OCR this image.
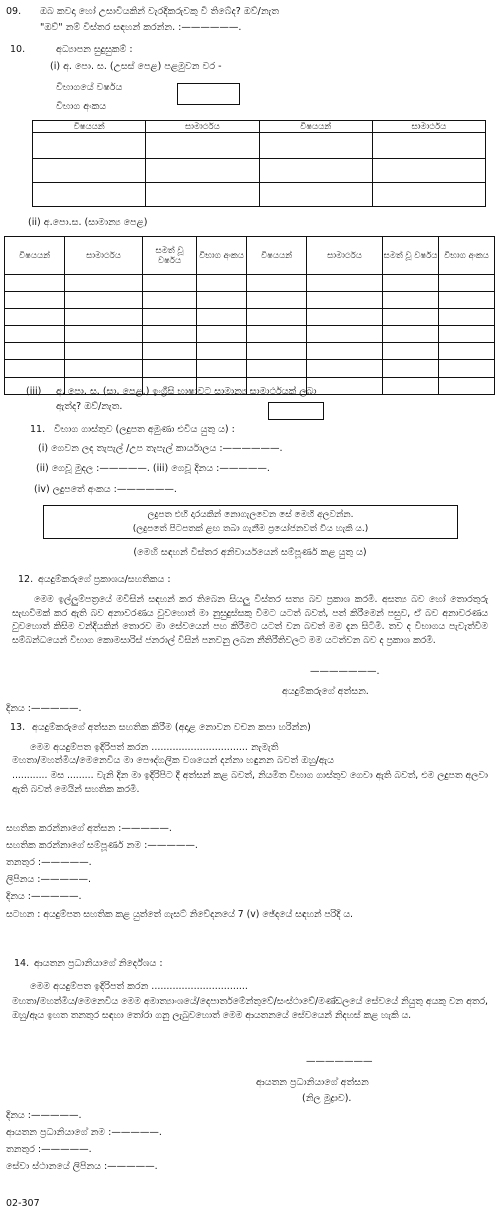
09. ඔබ කවදා හෝ උසාවියකින් වැරදිකරුවකු වී තිබේද? ඔව්/නැත
"ඔව්" නම් විස්තර සඳහන් කරන්න. :——————.
10.	අධ්‍යාපන සුදුසුකම් :
(i) අ. පො. ස. (උසස් පෙළ) පළමුවන වර -
විභාගයේ වර්ෂය
විභාග අංකය
විෂයයන්	සාමාර්ථය	විෂයයන්	සාමාර්ථය

(ii) අ.පො.ස. (සාමාන්‍ය පෙළ)
විෂයයන්	සාමාර්ථය	සමත් වූ වර්ෂය	විභාග අංකය	විෂයයන්	සාමාර්ථය	සමත් වූ වර්ෂය	විභාග අංකය

(iii) අ. පො. ස. (සා. පෙළ.) ඉංග්‍රීසි භාෂාවට සාමාන්‍ය සාමාර්ථයක් ලබා
ඇත්ද? ඔව්/නැත.
11. විභාග ගාස්තුව (ලදුපත අමුණා එවිය යුතු ය) :
(i) ගෙවන ලද තැපැල් /උප තැපැල් කාර්යාලය :——————.
(ii) ගෙවූ මුදල :—————. (iii) ගෙවූ දිනය :—————.
(iv) ලදුපතේ අංකය :——————.
ලදුපත එහි දාරයකින් නොගැලවෙන සේ මෙහි අලවන්න.
(ලදුපතේ පිටපතක් ළඟ තබා ගැනීම ප්‍රයෝජනවත් විය හැකි ය.)
(මෙහි සඳහන් විස්තර අනිවාර්යයෙන් සම්පූර්ණ කළ යුතු ය)
12. අයදුම්කරුගේ ප්‍රකාශය/සහතිකය :
මෙම ඉල්ලුම්පත්‍රයේ මවිසින් සඳහන් කර තිබෙන සියලු විස්තර සත්‍ය බව ප්‍රකාශ කරමි. අසත්‍ය බව හෝ තොරතුරු සැඟවීමක් කර ඇති බව අනාවරණය වුවහොත් මා නුසුදුස්සකු වීමට යටත් බවත්, පත් කිරීමෙන් පසුව, ඒ බව අනාවරණය වුවහොත් කිසිම වන්දියකින් තොරව මා සේවයෙන් පහ කිරීමට යටත් වන බවත් මම දැන සිටිමි. තව ද විභාගය පැවැත්වීම සම්බන්ධයෙන් විභාග කොමසාරිස් ජනරාල් විසින් පනවනු ලබන නීතිරීතිවලට මම යටත්වන බව ද ප්‍රකාශ කරමි.
———————.
අයදුම්කරුගේ අත්සන.
දිනය :—————.
13. අයදුම්කරුගේ අත්සන සහතික කිරීම (අදාළ නොවන වචන කපා හරින්න)
මෙම අයදුම්පත ඉදිරිපත් කරන ................................ නැමැති
මහතා/මහත්මිය/මෙනෙවිය මා පෞද්ගලික වශයෙන් දන්නා හඳුනන බවත් ඔහු/ඇය
............ මස ......... වැනි දින මා ඉදිරිපිට දී අත්සන් කළ බවත්, නියමිත විභාග ගාස්තුව ගෙවා ඇති බවත්, එම ලදුපත අලවා ඇති බවත් මෙයින් සහතික කරමි.
සහතික කරන්නාගේ අත්සන :—————.
සහතික කරන්නාගේ සම්පූර්ණ නම :—————.
තනතුර :—————.
ලිපිනය :—————.
දිනය :—————.
සටහන : අයදුම්පත සහතික කළ යුත්තේ ගැසට් නිවේදනයේ 7 (v) ඡේදයේ සඳහන් පරිදි ය.
14. ආයතන ප්‍රධානියාගේ නිර්දේශය :
මෙම අයදුම්පත ඉදිරිපත් කරන ................................
මහතා/මහත්මිය/මෙනෙවිය මෙම අමාත්‍යාංශයේ/දෙපාර්තමේන්තුවේ/සංස්ථාවේ/මණ්ඩලයේ සේවයේ නියුතු අයකු වන අතර, ඔහු/ඇය ඉහත තනතුර සඳහා තෝරා ගනු ලැබුවහොත් මෙම ආයතනයේ සේවයෙන් නිදහස් කළ හැකි ය.
———————
ආයතන ප්‍රධානියාගේ අත්සන
(නිල මුද්‍රාව).
දිනය :—————.
ආයතන ප්‍රධානියාගේ නම :—————.
තනතුර :—————.
සේවා ස්ථානයේ ලිපිනය :—————.
02-307
